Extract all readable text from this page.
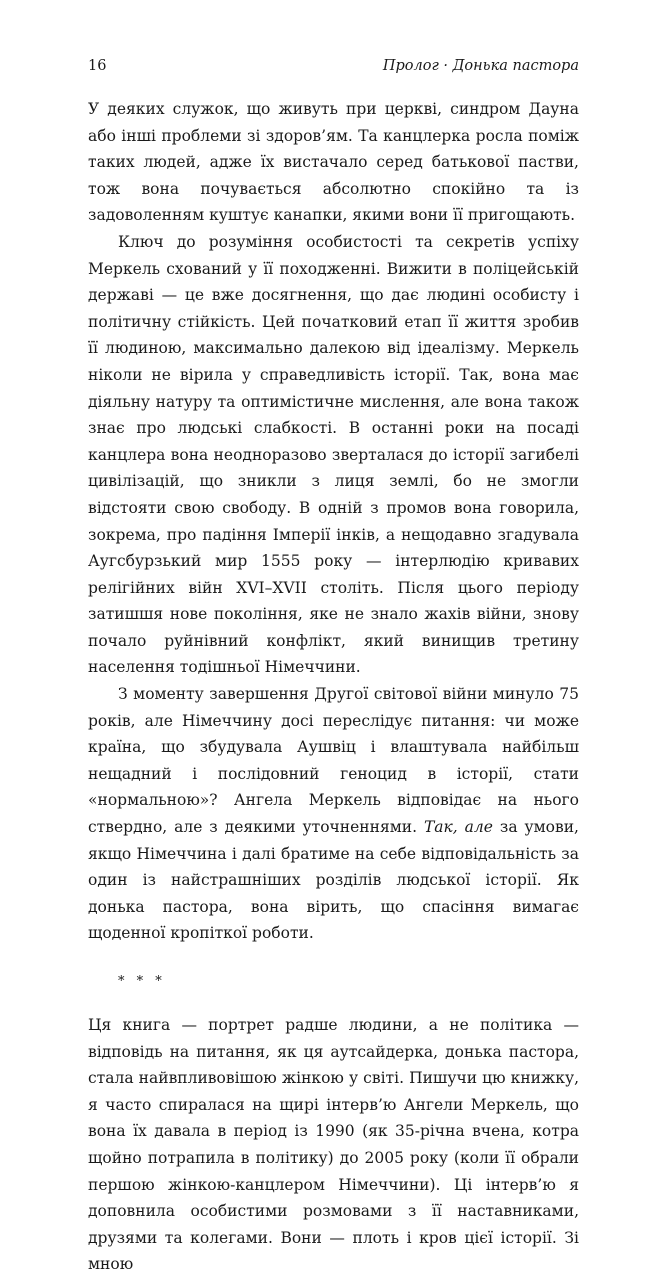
16	Пролог · Донька пастора

У деяких служок, що живуть при церкві, синдром Дауна або інші проблеми зі здоров’ям. Та канцлерка росла поміж таких людей, адже їх вистачало серед батькової пастви, тож вона почувається абсолютно спокійно та із задоволенням куштує канапки, якими вони її пригощають.

Ключ до розуміння особистості та секретів успіху Меркель схований у її походженні. Вижити в поліцейській державі — це вже досягнення, що дає людині особисту і політичну стійкість. Цей початковий етап її життя зробив її людиною, максимально далекою від ідеалізму. Меркель ніколи не вірила у справедливість історії. Так, вона має діяльну натуру та оптимістичне мислення, але вона також знає про людські слабкості. В останні роки на посаді канцлера вона неодноразово зверталася до історії загибелі цивілізацій, що зникли з лиця землі, бо не змогли відстояти свою свободу. В одній з промов вона говорила, зокрема, про падіння Імперії інків, а нещодавно згадувала Аугсбурзький мир 1555 року — інтерлюдію кривавих релігійних війн XVI–XVII століть. Після цього періоду затишшя нове покоління, яке не знало жахів війни, знову почало руйнівний конфлікт, який винищив третину населення тодішньої Німеччини.

З моменту завершення Другої світової війни минуло 75 років, але Німеччину досі переслідує питання: чи може країна, що збудувала Аушвіц і влаштувала найбільш нещадний і послідовний геноцид в історії, стати «нормальною»? Ангела Меркель відповідає на нього ствердно, але з деякими уточненнями. Так, але за умови, якщо Німеччина і далі братиме на себе відповідальність за один із найстрашніших розділів людської історії. Як донька пастора, вона вірить, що спасіння вимагає щоденної кропіткої роботи.

* * *

Ця книга — портрет радше людини, а не політика — відповідь на питання, як ця аутсайдерка, донька пастора, стала найвпливовішою жінкою у світі. Пишучи цю книжку, я часто спиралася на щирі інтерв’ю Ангели Меркель, що вона їх давала в період із 1990 (як 35-річна вчена, котра щойно потрапила в політику) до 2005 року (коли її обрали першою жінкою-канцлером Німеччини). Ці інтерв’ю я доповнила особистими розмовами з її наставниками, друзями та колегами. Вони — плоть і кров цієї історії. Зі мною
